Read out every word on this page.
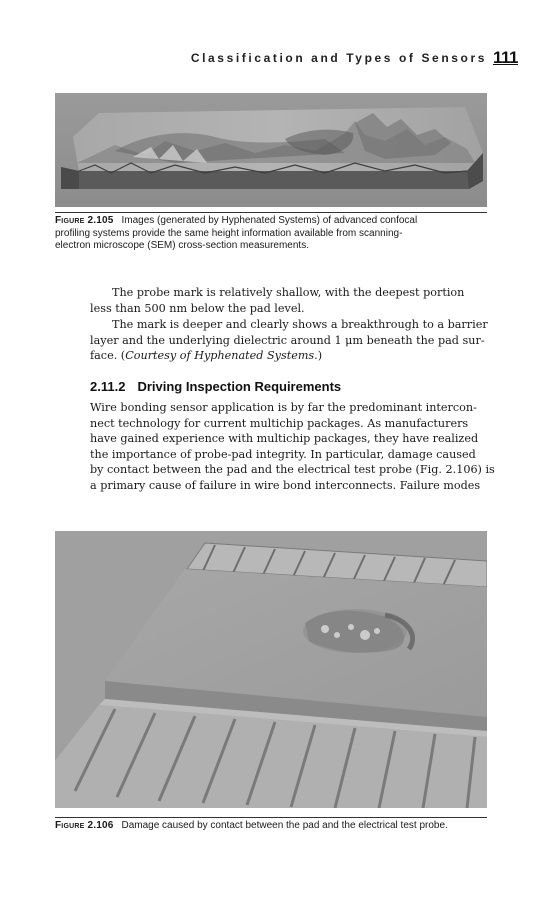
Classification and Types of Sensors 111
Figure 2.105 Images (generated by Hyphenated Systems) of advanced confocal
profiling systems provide the same height information available from scanning-
electron microscope (SEM) cross-section measurements.
The probe mark is relatively shallow, with the deepest portion
less than 500 nm below the pad level.
The mark is deeper and clearly shows a breakthrough to a barrier
layer and the underlying dielectric around 1 μm beneath the pad sur-
face. (Courtesy of Hyphenated Systems.)
2.11.2 Driving Inspection Requirements
Wire bonding sensor application is by far the predominant intercon-
nect technology for current multichip packages. As manufacturers
have gained experience with multichip packages, they have realized
the importance of probe-pad integrity. In particular, damage caused
by contact between the pad and the electrical test probe (Fig. 2.106) is
a primary cause of failure in wire bond interconnects. Failure modes
Figure 2.106 Damage caused by contact between the pad and the electrical test probe.
